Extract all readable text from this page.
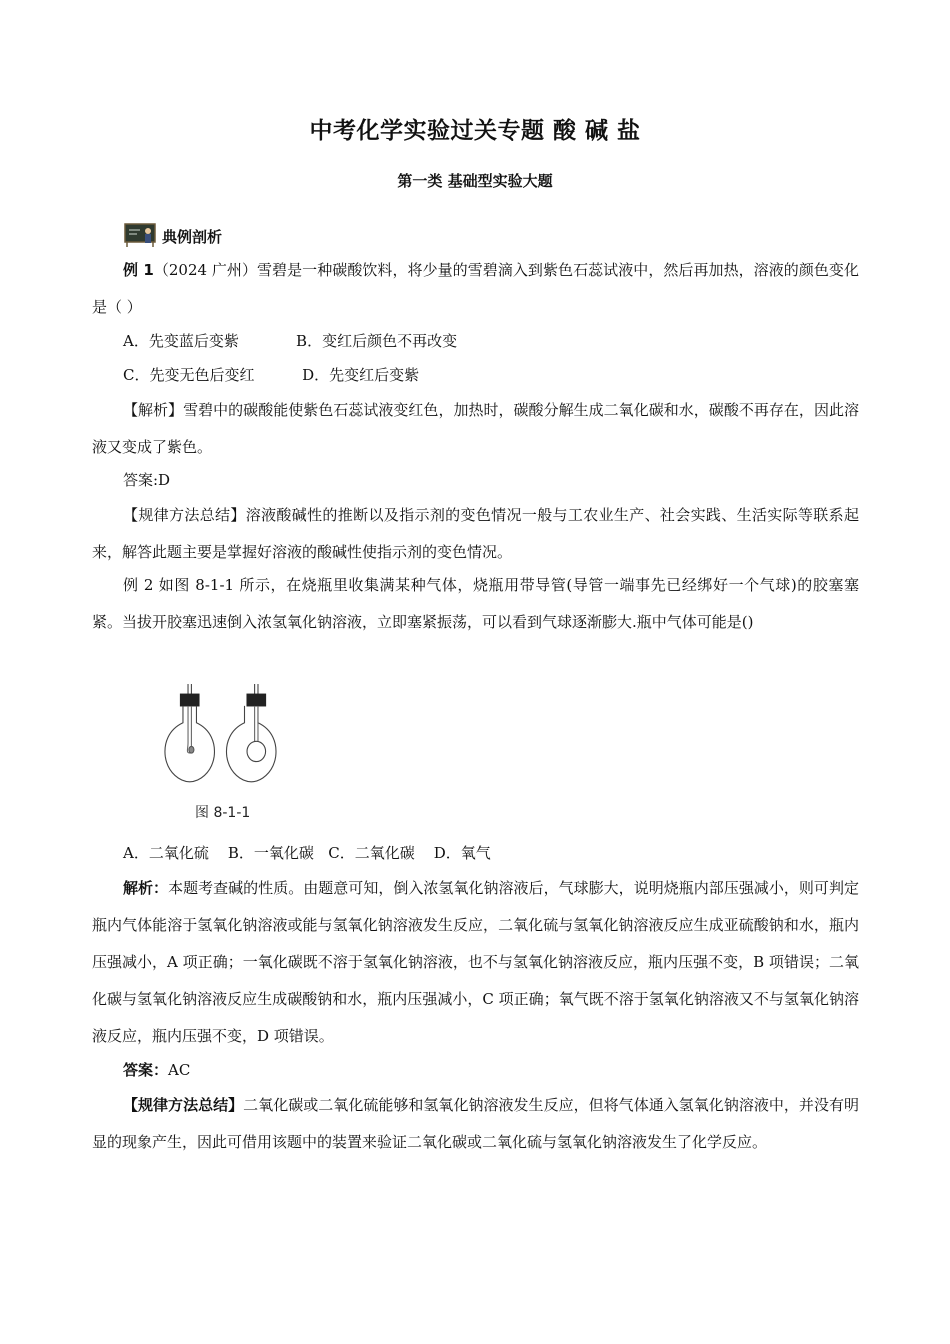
中考化学实验过关专题 酸 碱 盐
第一类 基础型实验大题
典例剖析

例 1（2024 广州）雪碧是一种碳酸饮料，将少量的雪碧滴入到紫色石蕊试液中，然后再加热，溶液的颜色变化是（ ）

A．先变蓝后变紫            B．变红后颜色不再改变

C．先变无色后变红          D．先变红后变紫

【解析】雪碧中的碳酸能使紫色石蕊试液变红色，加热时，碳酸分解生成二氧化碳和水，碳酸不再存在，因此溶液又变成了紫色。

答案:D

【规律方法总结】溶液酸碱性的推断以及指示剂的变色情况一般与工农业生产、社会实践、生活实际等联系起来，解答此题主要是掌握好溶液的酸碱性使指示剂的变色情况。

例 2 如图 8-1-1 所示，在烧瓶里收集满某种气体，烧瓶用带导管(导管一端事先已经绑好一个气球)的胶塞塞紧。当拔开胶塞迅速倒入浓氢氧化钠溶液，立即塞紧振荡，可以看到气球逐渐膨大.瓶中气体可能是()

图 8-1-1

A．二氧化硫    B．一氧化碳   C．二氧化碳    D．氧气

解析：本题考查碱的性质。由题意可知，倒入浓氢氧化钠溶液后，气球膨大，说明烧瓶内部压强减小，则可判定瓶内气体能溶于氢氧化钠溶液或能与氢氧化钠溶液发生反应，二氧化硫与氢氧化钠溶液反应生成亚硫酸钠和水，瓶内压强减小，A 项正确；一氧化碳既不溶于氢氧化钠溶液，也不与氢氧化钠溶液反应，瓶内压强不变，B 项错误；二氧化碳与氢氧化钠溶液反应生成碳酸钠和水，瓶内压强减小，C 项正确；氧气既不溶于氢氧化钠溶液又不与氢氧化钠溶液反应，瓶内压强不变，D 项错误。

答案：AC

【规律方法总结】二氧化碳或二氧化硫能够和氢氧化钠溶液发生反应，但将气体通入氢氧化钠溶液中，并没有明显的现象产生，因此可借用该题中的装置来验证二氧化碳或二氧化硫与氢氧化钠溶液发生了化学反应。
